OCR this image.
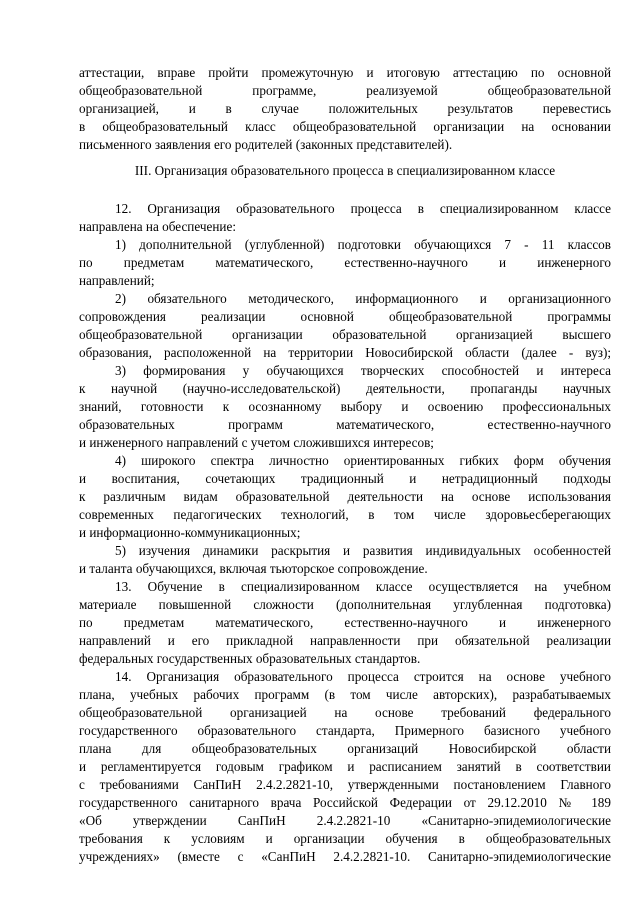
аттестации, вправе пройти промежуточную и итоговую аттестацию по основной
общеобразовательной программе, реализуемой общеобразовательной
организацией, и в случае положительных результатов перевестись
в общеобразовательный класс общеобразовательной организации на основании
письменного заявления его родителей (законных представителей).
III. Организация образовательного процесса в специализированном классе
12. Организация образовательного процесса в специализированном классе
направлена на обеспечение:
1) дополнительной (углубленной) подготовки обучающихся 7 - 11 классов
по предметам математического, естественно-научного и инженерного
направлений;
2) обязательного методического, информационного и организационного
сопровождения реализации основной общеобразовательной программы
общеобразовательной организации образовательной организацией высшего
образования, расположенной на территории Новосибирской области (далее - вуз);
3) формирования у обучающихся творческих способностей и интереса
к научной (научно-исследовательской) деятельности, пропаганды научных
знаний, готовности к осознанному выбору и освоению профессиональных
образовательных программ математического, естественно-научного
и инженерного направлений с учетом сложившихся интересов;
4) широкого спектра личностно ориентированных гибких форм обучения
и воспитания, сочетающих традиционный и нетрадиционный подходы
к различным видам образовательной деятельности на основе использования
современных педагогических технологий, в том числе здоровьесберегающих
и информационно-коммуникационных;
5) изучения динамики раскрытия и развития индивидуальных особенностей
и таланта обучающихся, включая тьюторское сопровождение.
13. Обучение в специализированном классе осуществляется на учебном
материале повышенной сложности (дополнительная углубленная подготовка)
по предметам математического, естественно-научного и инженерного
направлений и его прикладной направленности при обязательной реализации
федеральных государственных образовательных стандартов.
14. Организация образовательного процесса строится на основе учебного
плана, учебных рабочих программ (в том числе авторских), разрабатываемых
общеобразовательной организацией на основе требований федерального
государственного образовательного стандарта, Примерного базисного учебного
плана для общеобразовательных организаций Новосибирской области
и регламентируется годовым графиком и расписанием занятий в соответствии
с требованиями СанПиН 2.4.2.2821-10, утвержденными постановлением Главного
государственного санитарного врача Российской Федерации от 29.12.2010 № 189
«Об утверждении СанПиН 2.4.2.2821-10 «Санитарно-эпидемиологические
требования к условиям и организации обучения в общеобразовательных
учреждениях» (вместе с «СанПиН 2.4.2.2821-10. Санитарно-эпидемиологические
